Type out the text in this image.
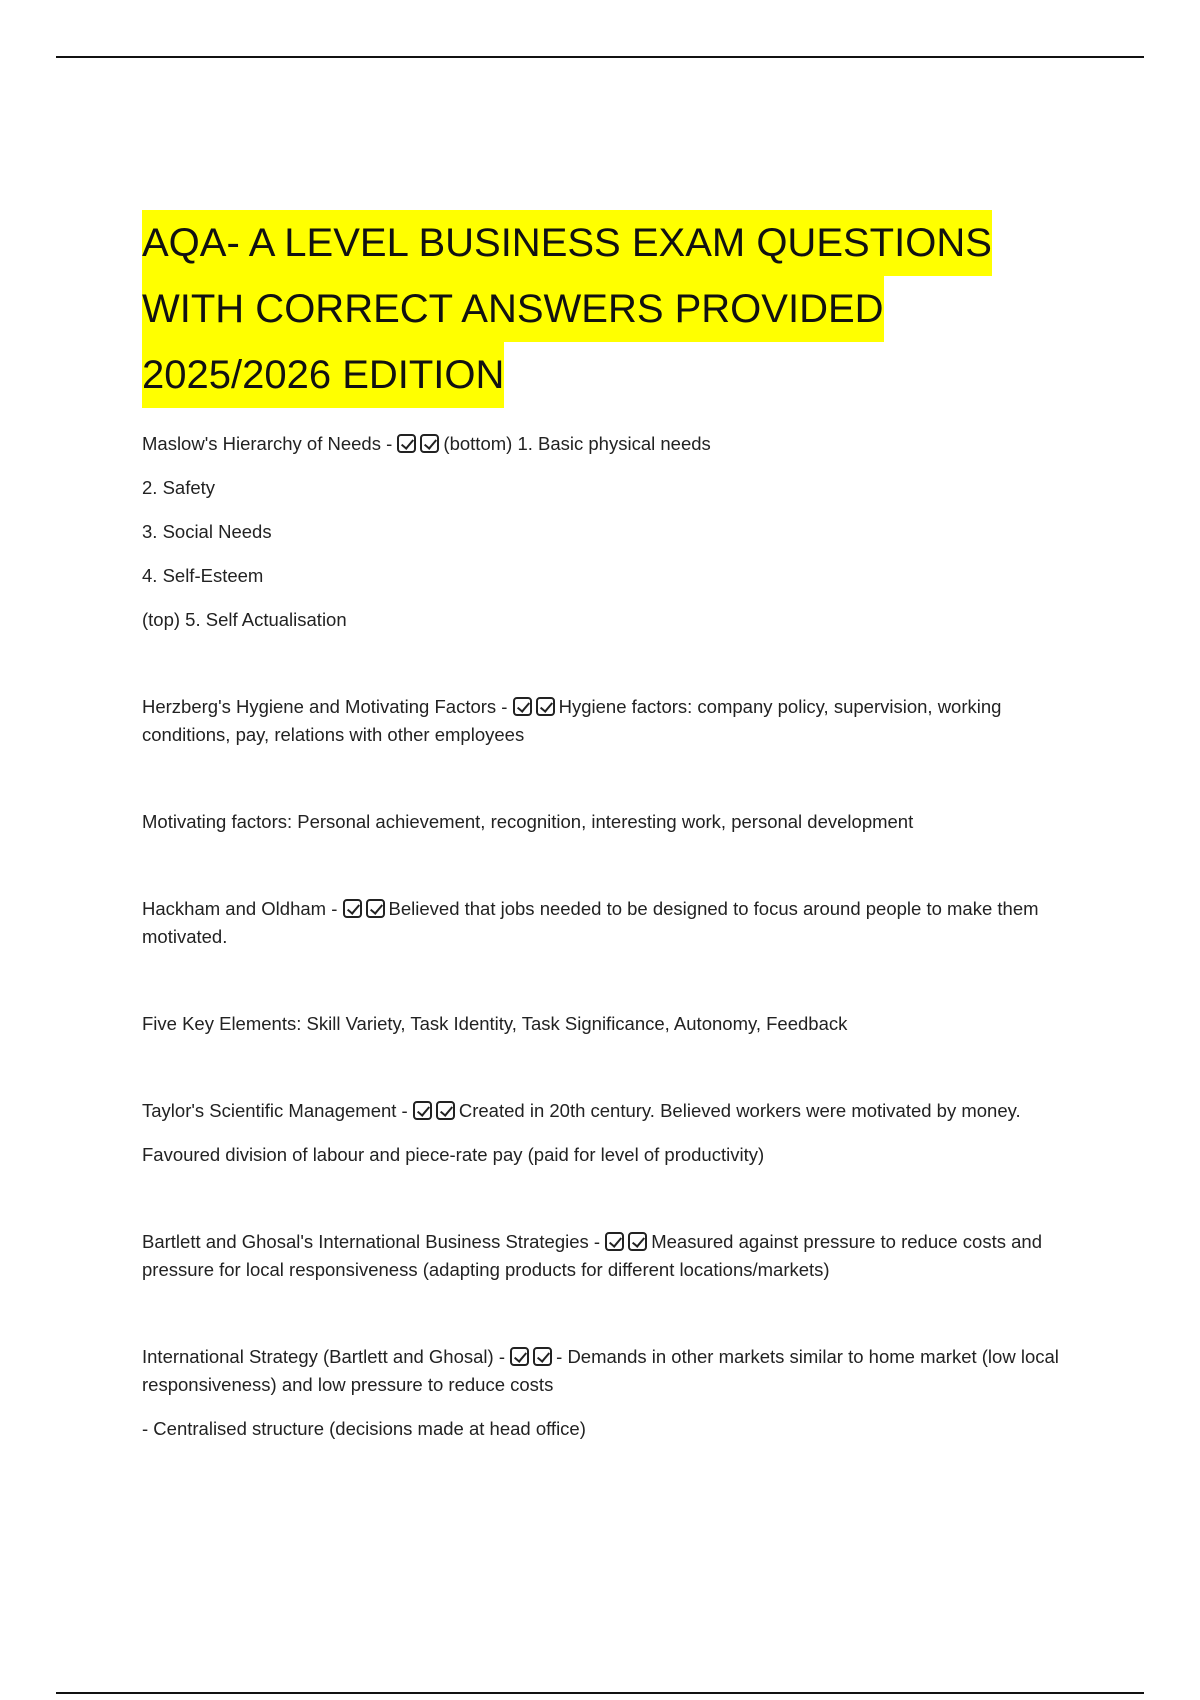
AQA- A LEVEL BUSINESS EXAM QUESTIONS
WITH CORRECT ANSWERS PROVIDED
2025/2026 EDITION

Maslow's Hierarchy of Needs -	(bottom) 1. Basic physical needs

2. Safety

3. Social Needs

4. Self-Esteem

(top) 5. Self Actualisation

Herzberg's Hygiene and Motivating Factors -	Hygiene factors: company policy, supervision, working conditions, pay, relations with other employees

Motivating factors: Personal achievement, recognition, interesting work, personal development

Hackham and Oldham -	Believed that jobs needed to be designed to focus around people to make them motivated.

Five Key Elements: Skill Variety, Task Identity, Task Significance, Autonomy, Feedback

Taylor's Scientific Management -	Created in 20th century. Believed workers were motivated by money.

Favoured division of labour and piece-rate pay (paid for level of productivity)

Bartlett and Ghosal's International Business Strategies -	Measured against pressure to reduce costs and pressure for local responsiveness (adapting products for different locations/markets)

International Strategy (Bartlett and Ghosal) -	- Demands in other markets similar to home market (low local responsiveness) and low pressure to reduce costs

- Centralised structure (decisions made at head office)
